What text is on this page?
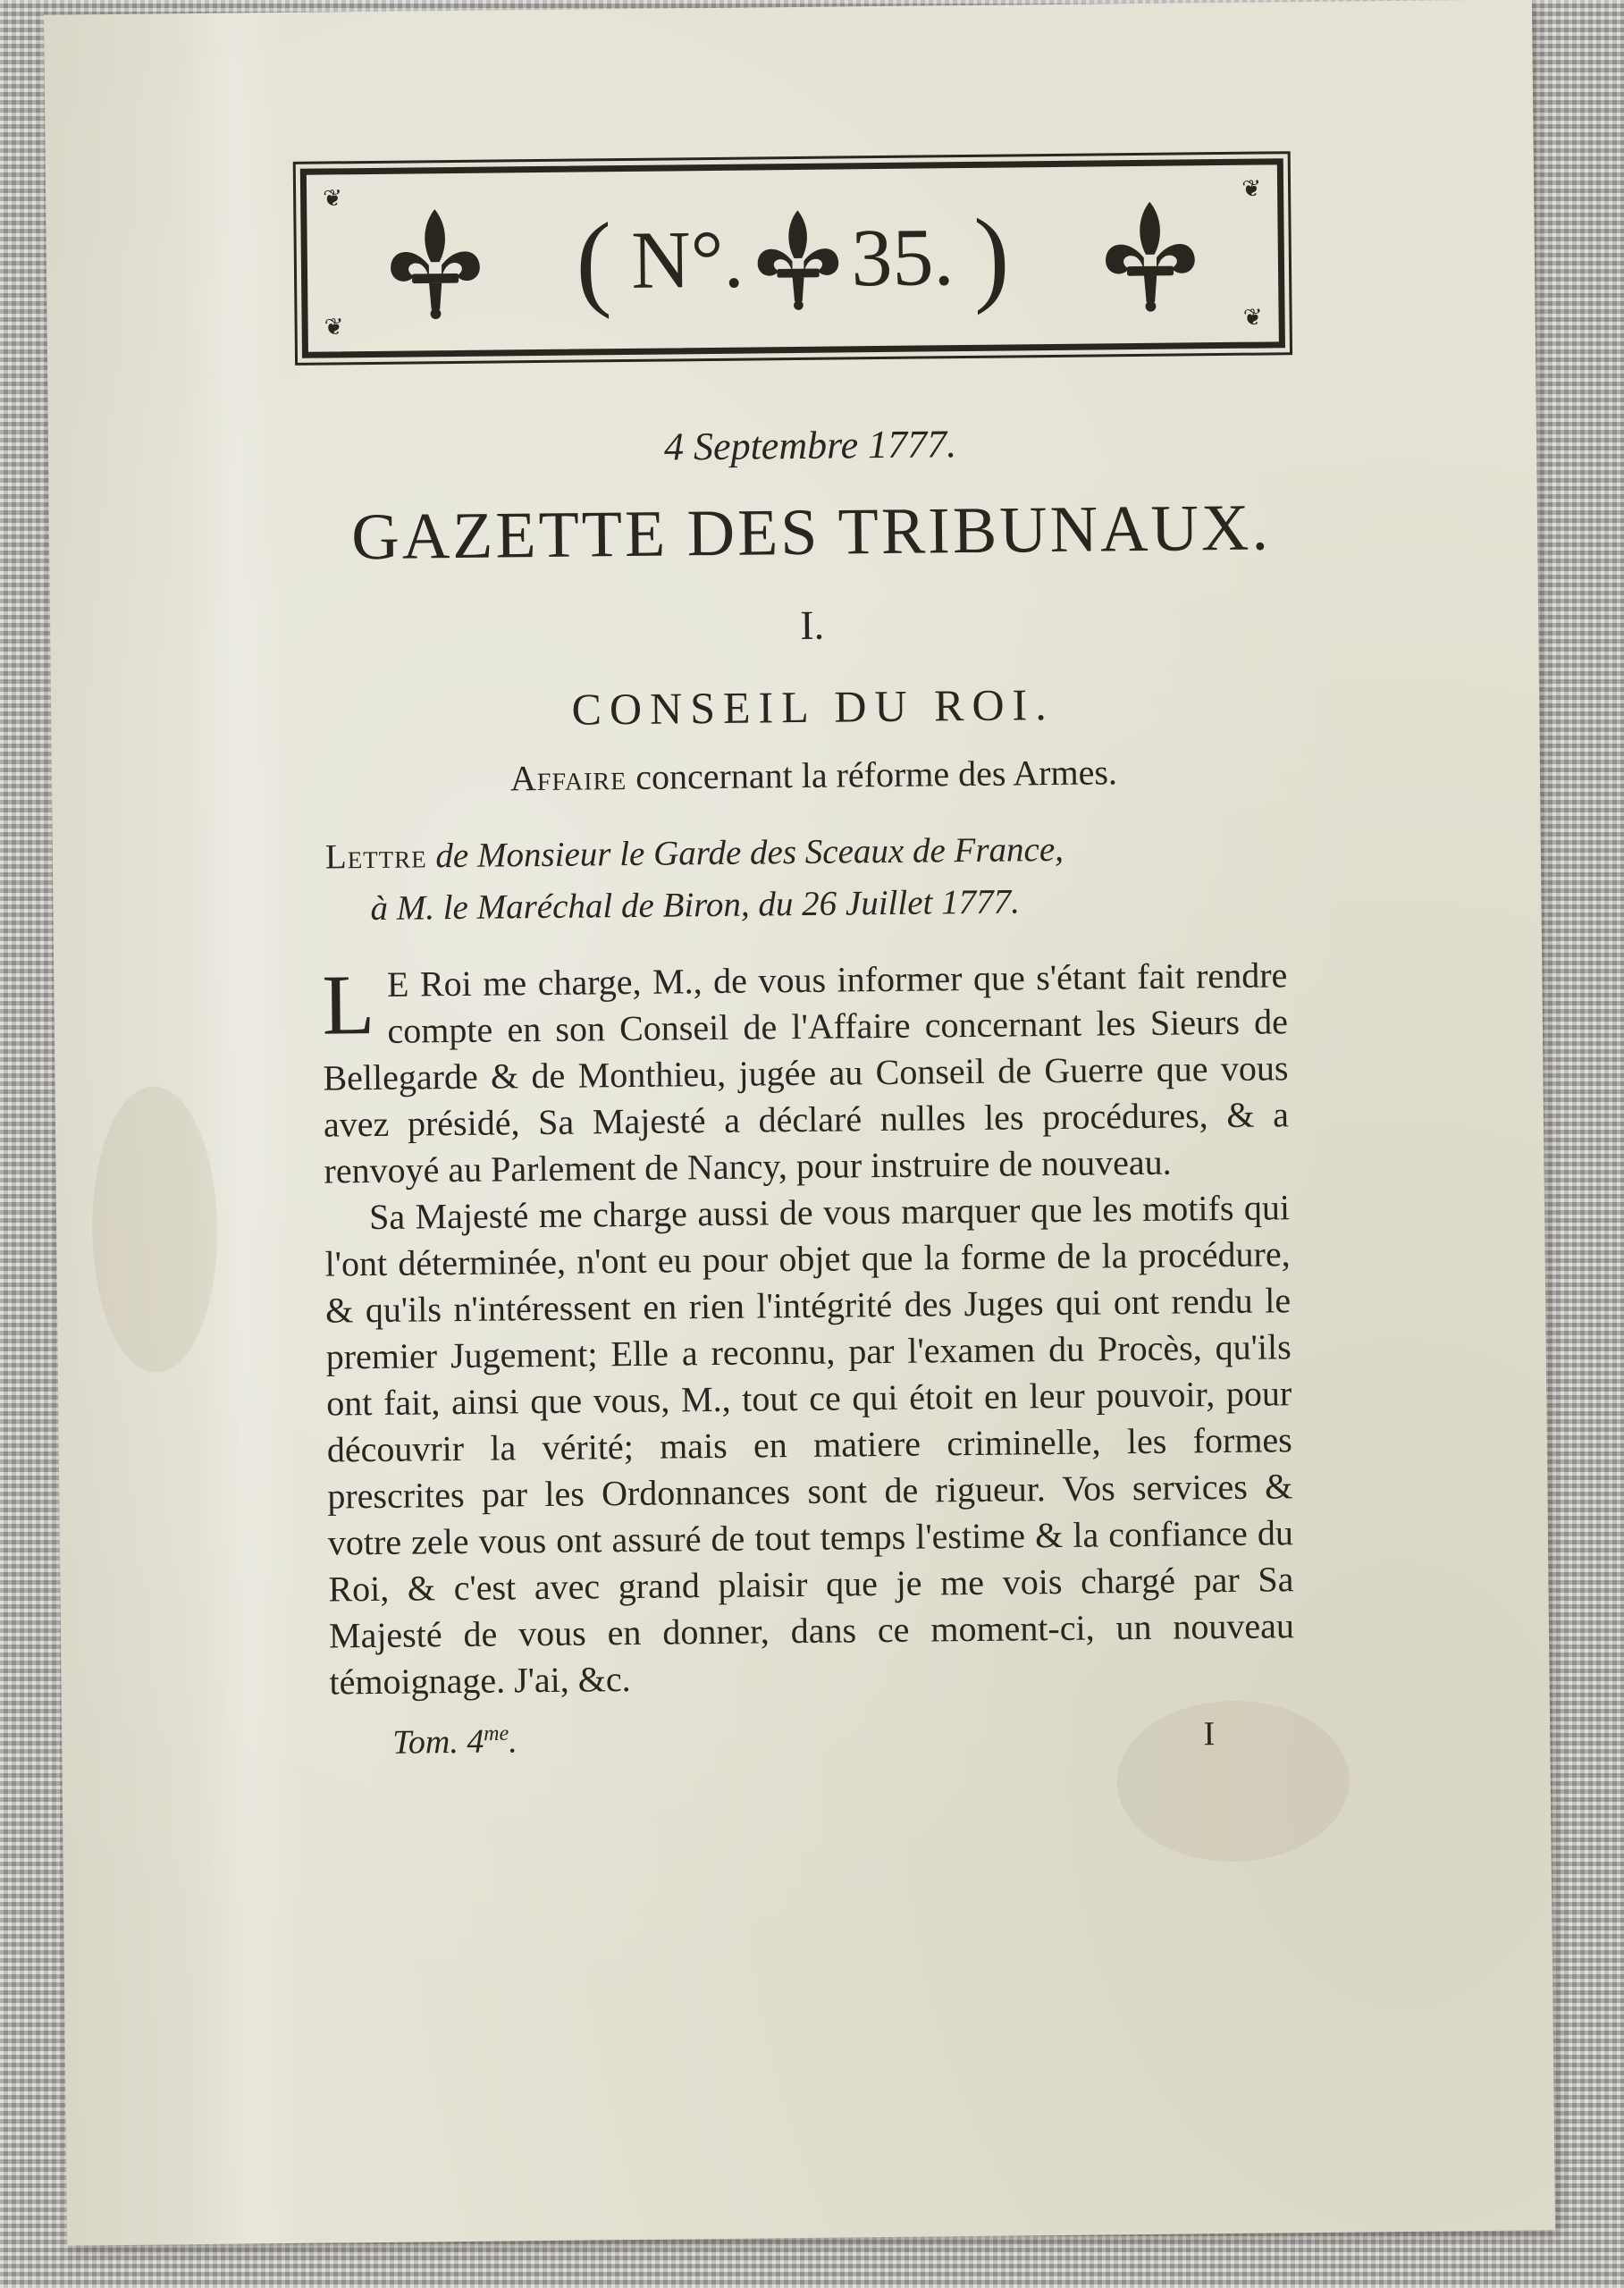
❦	❦
❦	❦
( N°. 35. )
4 Septembre 1777.
GAZETTE DES TRIBUNAUX.
I.
CONSEIL DU ROI.
Affaire concernant la réforme des Armes.
Lettre de Monsieur le Garde des Sceaux de France,
à M. le Maréchal de Biron, du 26 Juillet 1777.

L E Roi me charge, M., de vous informer que s'étant fait rendre compte en son Conseil de l'Affaire concernant les Sieurs de Bellegarde & de Monthieu, jugée au Conseil de Guerre que vous avez présidé, Sa Majesté a déclaré nulles les procédures, & a renvoyé au Parlement de Nancy, pour instruire de nouveau.

Sa Majesté me charge aussi de vous marquer que les motifs qui l'ont déterminée, n'ont eu pour objet que la forme de la procédure, & qu'ils n'intéressent en rien l'intégrité des Juges qui ont rendu le premier Jugement; Elle a reconnu, par l'examen du Procès, qu'ils ont fait, ainsi que vous, M., tout ce qui étoit en leur pouvoir, pour découvrir la vérité; mais en matiere criminelle, les formes prescrites par les Ordonnances sont de rigueur. Vos services & votre zele vous ont assuré de tout temps l'estime & la confiance du Roi, & c'est avec grand plaisir que je me vois chargé par Sa Majesté de vous en donner, dans ce moment-ci, un nouveau témoignage. J'ai, &c.

Tom. $4^{me}$.	I
